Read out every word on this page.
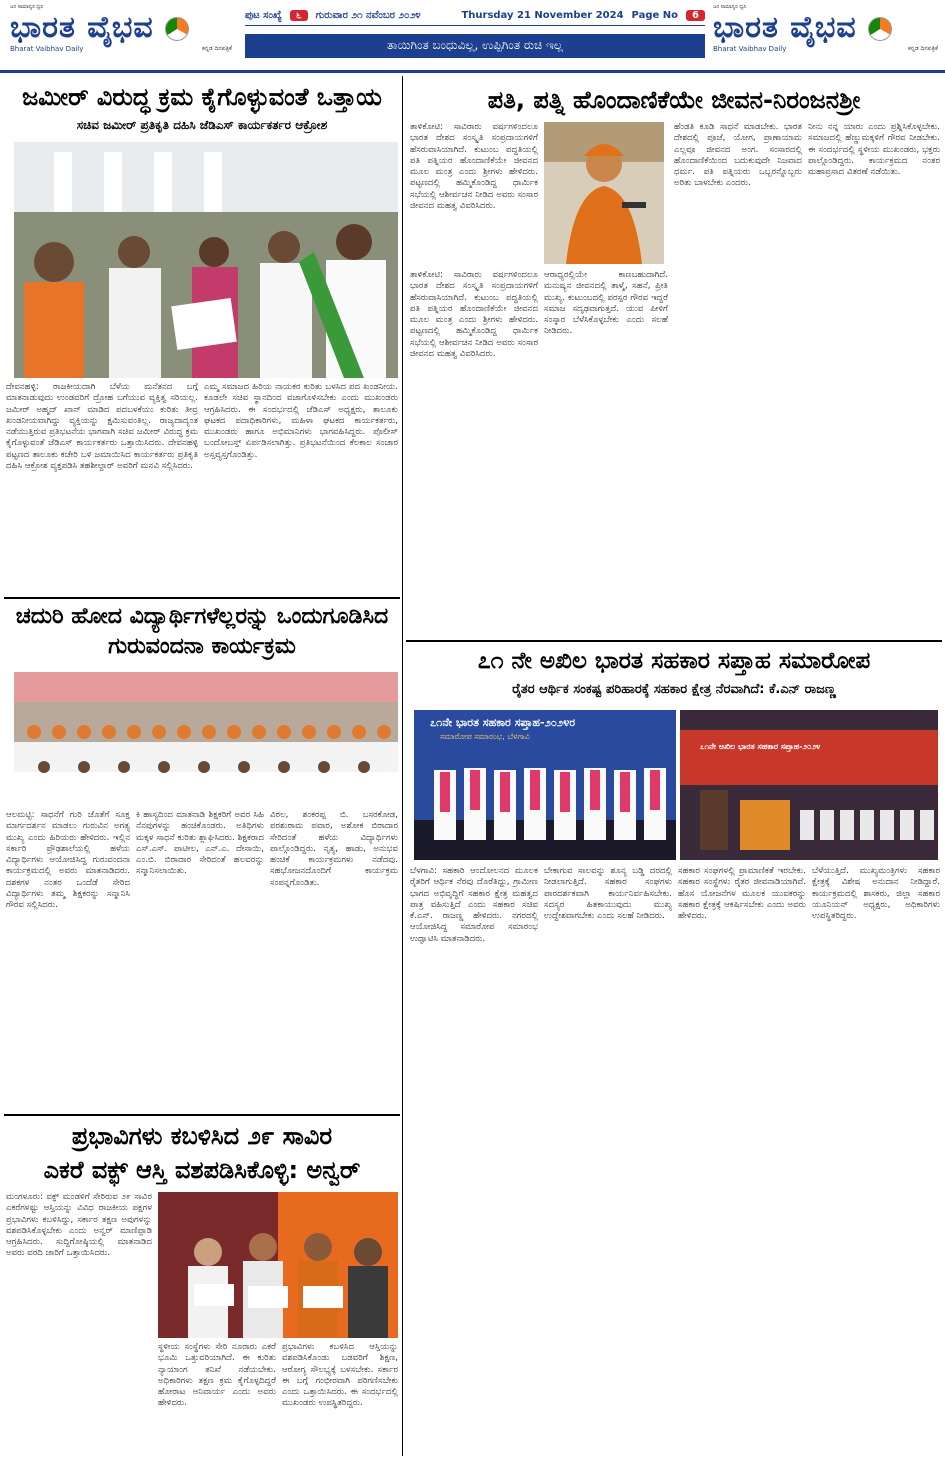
ಜನ ಸಾಮಾನ್ಯರ ಧ್ವನಿ
ಭಾರತ ವೈಭವ
Bharat Vaibhav Daily	ಕನ್ನಡ ದಿನಪತ್ರಿಕೆ
ಪುಟ ಸಂಖ್ಯೆ	೬	ಗುರುವಾರ ೨೧ ನವೆಂಬರ ೨೦೨೪	Thursday 21 November 2024 Page No	6
ತಾಯಿಗಿಂತ ಬಂಧುವಿಲ್ಲ, ಉಪ್ಪಿಗಿಂತ ರುಚಿ ಇಲ್ಲ
ಜನ ಸಾಮಾನ್ಯರ ಧ್ವನಿ
ಭಾರತ ವೈಭವ
Bharat Vaibhav Daily	ಕನ್ನಡ ದಿನಪತ್ರಿಕೆ
ಜಮೀರ್ ವಿರುದ್ಧ ಕ್ರಮ ಕೈಗೊಳ್ಳುವಂತೆ ಒತ್ತಾಯ
ಸಚಿವ ಜಮೀರ್ ಪ್ರತಿಕೃತಿ ದಹಿಸಿ ಜೆಡಿಎಸ್ ಕಾರ್ಯಕರ್ತರ ಆಕ್ರೋಶ
ದೇವನಹಳ್ಳಿ: ರಾಜಕೀಯದಾಗಿ ಬೆಳೆಯ ಮನೆತನದ ಬಗ್ಗೆ ಮಾತನಾಡುವುದು ಉಂಡವರಿಗೆ ದ್ರೋಹ ಬಗೆಯುವ ವ್ಯಕ್ತಿತ್ವ ಸರಿಯಲ್ಲ. ಜಮೀರ್ ಅಹ್ಮದ್ ಖಾನ್ ಮಾಡಿದ ಪದಬಳಕೆಯು ಕುರಿತು ತೀವ್ರ ಖಂಡನೀಯವಾಗಿದ್ದು ವ್ಯಕ್ತಿಯನ್ನು ಕ್ಷಮಿಸುವಂತಿಲ್ಲ. ರಾಜ್ಯದಾದ್ಯಂತ ನಡೆಯುತ್ತಿರುವ ಪ್ರತಿಭಟನೆಯ ಭಾಗವಾಗಿ ಸಚಿವ ಜಮೀರ್ ವಿರುದ್ಧ ಕ್ರಮ ಕೈಗೊಳ್ಳುವಂತೆ ಜೆಡಿಎಸ್ ಕಾರ್ಯಕರ್ತರು ಒತ್ತಾಯಿಸಿದರು. ದೇವನಹಳ್ಳಿ ಪಟ್ಟಣದ ತಾಲೂಕು ಕಚೇರಿ ಬಳಿ ಜಮಾಯಿಸಿದ ಕಾರ್ಯಕರ್ತರು ಪ್ರತಿಕೃತಿ ದಹಿಸಿ ಆಕ್ರೋಶ ವ್ಯಕ್ತಪಡಿಸಿ ತಹಶೀಲ್ದಾರ್ ಅವರಿಗೆ ಮನವಿ ಸಲ್ಲಿಸಿದರು.
ಎಮ್ಮ ಸಮಾಜದ ಹಿರಿಯ ನಾಯಕರ ಕುರಿತು ಬಳಸಿದ ಪದ ಖಂಡನೀಯ. ಕೂಡಲೇ ಸಚಿವ ಸ್ಥಾನದಿಂದ ವಜಾಗೊಳಿಸಬೇಕು ಎಂದು ಮುಖಂಡರು ಆಗ್ರಹಿಸಿದರು. ಈ ಸಂದರ್ಭದಲ್ಲಿ ಜೆಡಿಎಸ್ ಅಧ್ಯಕ್ಷರು, ತಾಲೂಕು ಘಟಕದ ಪದಾಧಿಕಾರಿಗಳು, ಮಹಿಳಾ ಘಟಕದ ಕಾರ್ಯಕರ್ತರು, ಮುಖಂಡರು ಹಾಗೂ ಅಭಿಮಾನಿಗಳು ಭಾಗವಹಿಸಿದ್ದರು. ಪೊಲೀಸ್ ಬಂದೋಬಸ್ತ್ ಏರ್ಪಡಿಸಲಾಗಿತ್ತು. ಪ್ರತಿಭಟನೆಯಿಂದ ಕೆಲಕಾಲ ಸಂಚಾರ ಅಸ್ತವ್ಯಸ್ತಗೊಂಡಿತ್ತು.
ಚದುರಿ ಹೋದ ವಿದ್ಯಾರ್ಥಿಗಳೆಲ್ಲರನ್ನು ಒಂದುಗೂಡಿಸಿದ
ಗುರುವಂದನಾ ಕಾರ್ಯಕ್ರಮ
ಆಲಮಟ್ಟಿ: ಸಾಧನೆಗೆ ಗುರಿ ಜೊತೆಗೆ ಸೂಕ್ತ ಮಾರ್ಗದರ್ಶನ ಮಾಡಲು ಗುರುವಿನ ಅಗತ್ಯ ಮುಖ್ಯ ಎಂದು ಹಿರಿಯರು ಹೇಳಿದರು. ಇಲ್ಲಿನ ಸರ್ಕಾರಿ ಪ್ರೌಢಶಾಲೆಯಲ್ಲಿ ಹಳೆಯ ವಿದ್ಯಾರ್ಥಿಗಳು ಆಯೋಜಿಸಿದ್ದ ಗುರುವಂದನಾ ಕಾರ್ಯಕ್ರಮದಲ್ಲಿ ಅವರು ಮಾತನಾಡಿದರು. ದಶಕಗಳ ನಂತರ ಒಂದೆಡೆ ಸೇರಿದ ವಿದ್ಯಾರ್ಥಿಗಳು ತಮ್ಮ ಶಿಕ್ಷಕರನ್ನು ಸನ್ಮಾನಿಸಿ ಗೌರವ ಸಲ್ಲಿಸಿದರು.
ಕಿ ಹಾಸ್ಯದಿಂದ ಮಾತನಾಡಿ ಶಿಕ್ಷಕರಿಗೆ ಅವರ ಸಿಹಿ ನೆನಪುಗಳನ್ನು ಹಂಚಿಕೊಂಡರು. ಅತಿಥಿಗಳು ಮಕ್ಕಳ ಸಾಧನೆ ಕುರಿತು ಶ್ಲಾಘಿಸಿದರು. ಶಿಕ್ಷಕರಾದ ಎಸ್.ಎಸ್. ಪಾಟೀಲ, ಎನ್.ಎ. ದೇಸಾಯಿ, ಎಂ.ಬಿ. ಬಿರಾದಾರ ಸೇರಿದಂತೆ ಹಲವರನ್ನು ಸನ್ಮಾನಿಸಲಾಯಿತು.
ವಿಠಲ, ಶಂಕರಪ್ಪ ಬಿ. ಬಸರಕೋಡ, ಪರಶುರಾಮ ಪವಾರ, ಅಶೋಕ ಬಿರಾದಾರ ಸೇರಿದಂತೆ ಹಳೆಯ ವಿದ್ಯಾರ್ಥಿಗಳು ಪಾಲ್ಗೊಂಡಿದ್ದರು. ನೃತ್ಯ, ಹಾಡು, ಅನುಭವ ಹಂಚಿಕೆ ಕಾರ್ಯಕ್ರಮಗಳು ನಡೆದವು. ಸಹಭೋಜನದೊಂದಿಗೆ ಕಾರ್ಯಕ್ರಮ ಸಂಪನ್ನಗೊಂಡಿತು.
ಪ್ರಭಾವಿಗಳು ಕಬಳಿಸಿದ ೨೯ ಸಾವಿರ
ಎಕರೆ ವಕ್ಫ್ ಆಸ್ತಿ ವಶಪಡಿಸಿಕೊಳ್ಳಿ: ಅನ್ವರ್
ಮಂಗಳೂರು: ವಕ್ಫ್ ಮಂಡಳಿಗೆ ಸೇರಿರುವ ೨೯ ಸಾವಿರ ಎಕರೆಗಳಷ್ಟು ಆಸ್ತಿಯನ್ನು ವಿವಿಧ ರಾಜಕೀಯ ಪಕ್ಷಗಳ ಪ್ರಭಾವಿಗಳು ಕಬಳಿಸಿದ್ದು, ಸರ್ಕಾರ ತಕ್ಷಣ ಅವುಗಳನ್ನು ವಶಪಡಿಸಿಕೊಳ್ಳಬೇಕು ಎಂದು ಅನ್ವರ್ ಮಾಣಿಪ್ಪಾಡಿ ಆಗ್ರಹಿಸಿದರು. ಸುದ್ದಿಗೋಷ್ಠಿಯಲ್ಲಿ ಮಾತನಾಡಿದ ಅವರು ವರದಿ ಜಾರಿಗೆ ಒತ್ತಾಯಿಸಿದರು.
ಸ್ಥಳೀಯ ಸಂಸ್ಥೆಗಳು ಸೇರಿ ನೂರಾರು ಎಕರೆ ಭೂಮಿ ಒತ್ತುವರಿಯಾಗಿದೆ. ಈ ಕುರಿತು ನ್ಯಾಯಾಂಗ ತನಿಖೆ ನಡೆಯಬೇಕು. ಅಧಿಕಾರಿಗಳು ತಕ್ಷಣ ಕ್ರಮ ಕೈಗೊಳ್ಳದಿದ್ದರೆ ಹೋರಾಟ ಅನಿವಾರ್ಯ ಎಂದು ಅವರು ಹೇಳಿದರು.
ಪ್ರಭಾವಿಗಳು ಕಬಳಿಸಿದ ಆಸ್ತಿಯನ್ನು ವಶಪಡಿಸಿಕೊಂಡು ಬಡವರಿಗೆ ಶಿಕ್ಷಣ, ಆರೋಗ್ಯ ಸೌಲಭ್ಯಕ್ಕೆ ಬಳಸಬೇಕು. ಸರ್ಕಾರ ಈ ಬಗ್ಗೆ ಗಂಭೀರವಾಗಿ ಪರಿಗಣಿಸಬೇಕು ಎಂದು ಒತ್ತಾಯಿಸಿದರು. ಈ ಸಂದರ್ಭದಲ್ಲಿ ಮುಖಂಡರು ಉಪಸ್ಥಿತರಿದ್ದರು.
ಪತಿ, ಪತ್ನಿ ಹೊಂದಾಣಿಕೆಯೇ ಜೀವನ-ನಿರಂಜನಶ್ರೀ
ತಾಳಿಕೋಟಿ: ಸಾವಿರಾರು ವರ್ಷಗಳಿಂದಲೂ ಭಾರತ ದೇಶದ ಸಂಸ್ಕೃತಿ ಸಂಪ್ರದಾಯಗಳಿಗೆ ಹೆಸರುವಾಸಿಯಾಗಿದೆ. ಕುಟುಂಬ ಪದ್ಧತಿಯಲ್ಲಿ ಪತಿ ಪತ್ನಿಯರ ಹೊಂದಾಣಿಕೆಯೇ ಜೀವನದ ಮೂಲ ಮಂತ್ರ ಎಂದು ಶ್ರೀಗಳು ಹೇಳಿದರು. ಪಟ್ಟಣದಲ್ಲಿ ಹಮ್ಮಿಕೊಂಡಿದ್ದ ಧಾರ್ಮಿಕ ಸಭೆಯಲ್ಲಿ ಆಶೀರ್ವಚನ ನೀಡಿದ ಅವರು ಸಂಸಾರ ಜೀವನದ ಮಹತ್ವ ವಿವರಿಸಿದರು.
ಆರಾಧ್ಯರಲ್ಲಿಯೇ ಕಾಣಬಹುದಾಗಿದೆ. ಮನುಷ್ಯನ ಜೀವನದಲ್ಲಿ ತಾಳ್ಮೆ, ಸಹನೆ, ಪ್ರೀತಿ ಮುಖ್ಯ. ಕುಟುಂಬದಲ್ಲಿ ಪರಸ್ಪರ ಗೌರವ ಇದ್ದರೆ ಸಮಾಜ ಸದೃಢವಾಗುತ್ತದೆ. ಯುವ ಪೀಳಿಗೆ ಸಂಸ್ಕಾರ ಬೆಳೆಸಿಕೊಳ್ಳಬೇಕು ಎಂದು ಸಲಹೆ ನೀಡಿದರು.
ತಾಳಿಕೋಟಿ: ಸಾವಿರಾರು ವರ್ಷಗಳಿಂದಲೂ ಭಾರತ ದೇಶದ ಸಂಸ್ಕೃತಿ ಸಂಪ್ರದಾಯಗಳಿಗೆ ಹೆಸರುವಾಸಿಯಾಗಿದೆ. ಕುಟುಂಬ ಪದ್ಧತಿಯಲ್ಲಿ ಪತಿ ಪತ್ನಿಯರ ಹೊಂದಾಣಿಕೆಯೇ ಜೀವನದ ಮೂಲ ಮಂತ್ರ ಎಂದು ಶ್ರೀಗಳು ಹೇಳಿದರು. ಪಟ್ಟಣದಲ್ಲಿ ಹಮ್ಮಿಕೊಂಡಿದ್ದ ಧಾರ್ಮಿಕ ಸಭೆಯಲ್ಲಿ ಆಶೀರ್ವಚನ ನೀಡಿದ ಅವರು ಸಂಸಾರ ಜೀವನದ ಮಹತ್ವ ವಿವರಿಸಿದರು.
ಹೆಂಡತಿ ಕೂಡಿ ಸಾಧನೆ ಮಾಡಬೇಕು. ಭಾರತ ದೇಶದಲ್ಲಿ ಪೂಜೆ, ಯೋಗ, ಪ್ರಾಣಾಯಾಮ ಎಲ್ಲವೂ ಜೀವನದ ಅಂಗ. ಸಂಸಾರದಲ್ಲಿ ಹೊಂದಾಣಿಕೆಯಿಂದ ಬದುಕುವುದೇ ನಿಜವಾದ ಧರ್ಮ. ಪತಿ ಪತ್ನಿಯರು ಒಬ್ಬರನ್ನೊಬ್ಬರು ಅರಿತು ಬಾಳಬೇಕು ಎಂದರು.
ನೀನು ನನ್ನ ಯಾರು ಎಂದು ಪ್ರಶ್ನಿಸಿಕೊಳ್ಳಬೇಕು. ಸಮಾಜದಲ್ಲಿ ಹೆಣ್ಣುಮಕ್ಕಳಿಗೆ ಗೌರವ ನೀಡಬೇಕು. ಈ ಸಂದರ್ಭದಲ್ಲಿ ಸ್ಥಳೀಯ ಮುಖಂಡರು, ಭಕ್ತರು ಪಾಲ್ಗೊಂಡಿದ್ದರು. ಕಾರ್ಯಕ್ರಮದ ನಂತರ ಮಹಾಪ್ರಸಾದ ವಿತರಣೆ ನಡೆಯಿತು.
೭೧ ನೇ ಅಖಿಲ ಭಾರತ ಸಹಕಾರ ಸಪ್ತಾಹ ಸಮಾರೋಪ
ರೈತರ ಆರ್ಥಿಕ ಸಂಕಷ್ಟ ಪರಿಹಾರಕ್ಕೆ ಸಹಕಾರ ಕ್ಷೇತ್ರ ನೆರವಾಗಿದೆ: ಕೆ.ಎನ್ ರಾಜಣ್ಣ
೭೧ನೇ ಭಾರತ ಸಹಕಾರ ಸಪ್ತಾಹ-೨೦೨೪ರ
ಸಮಾರೋಪ ಸಮಾರಂಭ, ಬೆಳಗಾವಿ
೭೧ನೇ ಅಖಿಲ ಭಾರತ ಸಹಕಾರ ಸಪ್ತಾಹ-೨೦೨೪
ಬೆಳಗಾವಿ: ಸಹಕಾರಿ ಆಂದೋಲನದ ಮೂಲಕ ರೈತರಿಗೆ ಆರ್ಥಿಕ ನೆರವು ದೊರೆತಿದ್ದು, ಗ್ರಾಮೀಣ ಭಾಗದ ಅಭಿವೃದ್ಧಿಗೆ ಸಹಕಾರ ಕ್ಷೇತ್ರ ಮಹತ್ವದ ಪಾತ್ರ ವಹಿಸುತ್ತಿದೆ ಎಂದು ಸಹಕಾರ ಸಚಿವ ಕೆ.ಎನ್. ರಾಜಣ್ಣ ಹೇಳಿದರು. ನಗರದಲ್ಲಿ ಆಯೋಜಿಸಿದ್ದ ಸಮಾರೋಪ ಸಮಾರಂಭ ಉದ್ಘಾಟಿಸಿ ಮಾತನಾಡಿದರು.
ಬೇಕಾಗುವ ಸಾಲವನ್ನು ಶೂನ್ಯ ಬಡ್ಡಿ ದರದಲ್ಲಿ ನೀಡಲಾಗುತ್ತಿದೆ. ಸಹಕಾರ ಸಂಘಗಳು ಪಾರದರ್ಶಕವಾಗಿ ಕಾರ್ಯನಿರ್ವಹಿಸಬೇಕು. ಸದಸ್ಯರ ಹಿತಕಾಯುವುದು ಮುಖ್ಯ ಉದ್ದೇಶವಾಗಬೇಕು ಎಂದು ಸಲಹೆ ನೀಡಿದರು.
ಸಹಕಾರ ಸಂಘಗಳಲ್ಲಿ ಪ್ರಾಮಾಣಿಕತೆ ಇರಬೇಕು. ಸಹಕಾರ ಸಂಸ್ಥೆಗಳು ರೈತರ ಜೀವನಾಡಿಯಾಗಿವೆ. ಹೊಸ ಯೋಜನೆಗಳ ಮೂಲಕ ಯುವಕರನ್ನು ಸಹಕಾರ ಕ್ಷೇತ್ರಕ್ಕೆ ಆಕರ್ಷಿಸಬೇಕು ಎಂದು ಅವರು ಹೇಳಿದರು.
ಬೆಳೆಯುತ್ತಿದೆ. ಮುಖ್ಯಮಂತ್ರಿಗಳು ಸಹಕಾರ ಕ್ಷೇತ್ರಕ್ಕೆ ವಿಶೇಷ ಅನುದಾನ ನೀಡಿದ್ದಾರೆ. ಕಾರ್ಯಕ್ರಮದಲ್ಲಿ ಶಾಸಕರು, ಜಿಲ್ಲಾ ಸಹಕಾರ ಯೂನಿಯನ್ ಅಧ್ಯಕ್ಷರು, ಅಧಿಕಾರಿಗಳು ಉಪಸ್ಥಿತರಿದ್ದರು.
